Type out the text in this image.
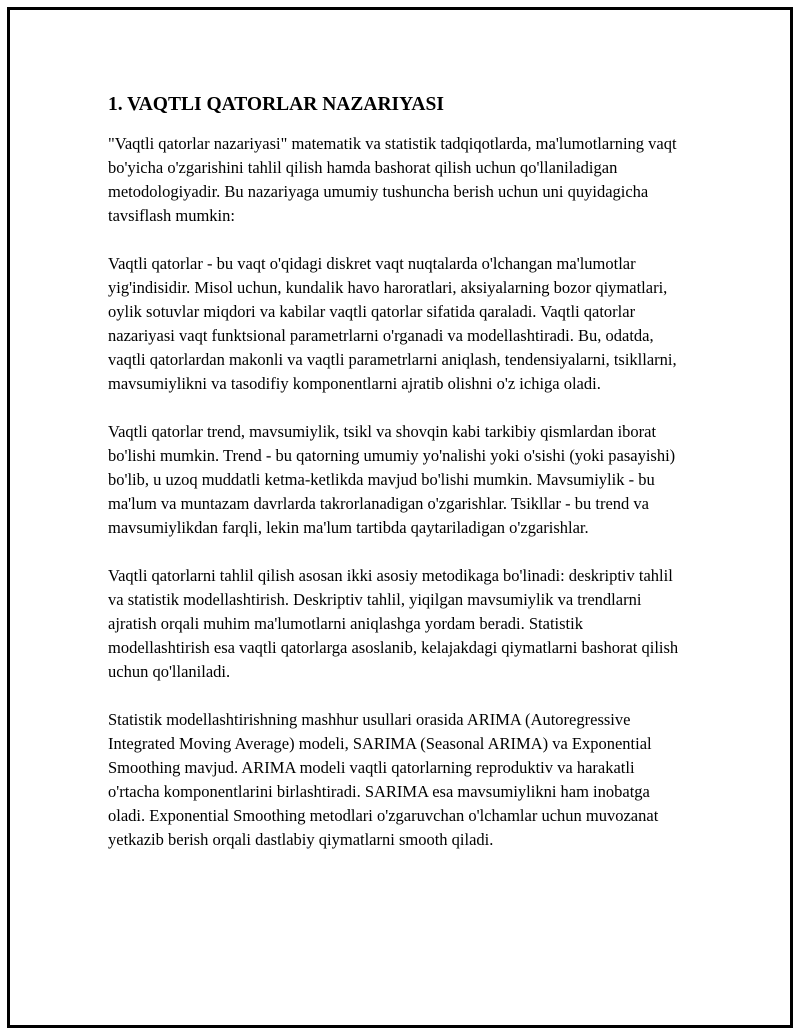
1. VAQTLI QATORLAR NAZARIYASI

"Vaqtli qatorlar nazariyasi" matematik va statistik tadqiqotlarda, ma'lumotlarning vaqt bo'yicha o'zgarishini tahlil qilish hamda bashorat qilish uchun qo'llaniladigan metodologiyadir. Bu nazariyaga umumiy tushuncha berish uchun uni quyidagicha tavsiflash mumkin:

Vaqtli qatorlar - bu vaqt o'qidagi diskret vaqt nuqtalarda o'lchangan ma'lumotlar yig'indisidir. Misol uchun, kundalik havo haroratlari, aksiyalarning bozor qiymatlari, oylik sotuvlar miqdori va kabilar vaqtli qatorlar sifatida qaraladi. Vaqtli qatorlar nazariyasi vaqt funktsional parametrlarni o'rganadi va modellashtiradi. Bu, odatda, vaqtli qatorlardan makonli va vaqtli parametrlarni aniqlash, tendensiyalarni, tsikllarni, mavsumiylikni va tasodifiy komponentlarni ajratib olishni o'z ichiga oladi.

Vaqtli qatorlar trend, mavsumiylik, tsikl va shovqin kabi tarkibiy qismlardan iborat bo'lishi mumkin. Trend - bu qatorning umumiy yo'nalishi yoki o'sishi (yoki pasayishi) bo'lib, u uzoq muddatli ketma-ketlikda mavjud bo'lishi mumkin. Mavsumiylik - bu ma'lum va muntazam davrlarda takrorlanadigan o'zgarishlar. Tsikllar - bu trend va mavsumiylikdan farqli, lekin ma'lum tartibda qaytariladigan o'zgarishlar.

Vaqtli qatorlarni tahlil qilish asosan ikki asosiy metodikaga bo'linadi: deskriptiv tahlil va statistik modellashtirish. Deskriptiv tahlil, yiqilgan mavsumiylik va trendlarni ajratish orqali muhim ma'lumotlarni aniqlashga yordam beradi. Statistik modellashtirish esa vaqtli qatorlarga asoslanib, kelajakdagi qiymatlarni bashorat qilish uchun qo'llaniladi.

Statistik modellashtirishning mashhur usullari orasida ARIMA (Autoregressive Integrated Moving Average) modeli, SARIMA (Seasonal ARIMA) va Exponential Smoothing mavjud. ARIMA modeli vaqtli qatorlarning reproduktiv va harakatli o'rtacha komponentlarini birlashtiradi. SARIMA esa mavsumiylikni ham inobatga oladi. Exponential Smoothing metodlari o'zgaruvchan o'lchamlar uchun muvozanat yetkazib berish orqali dastlabiy qiymatlarni smooth qiladi.
